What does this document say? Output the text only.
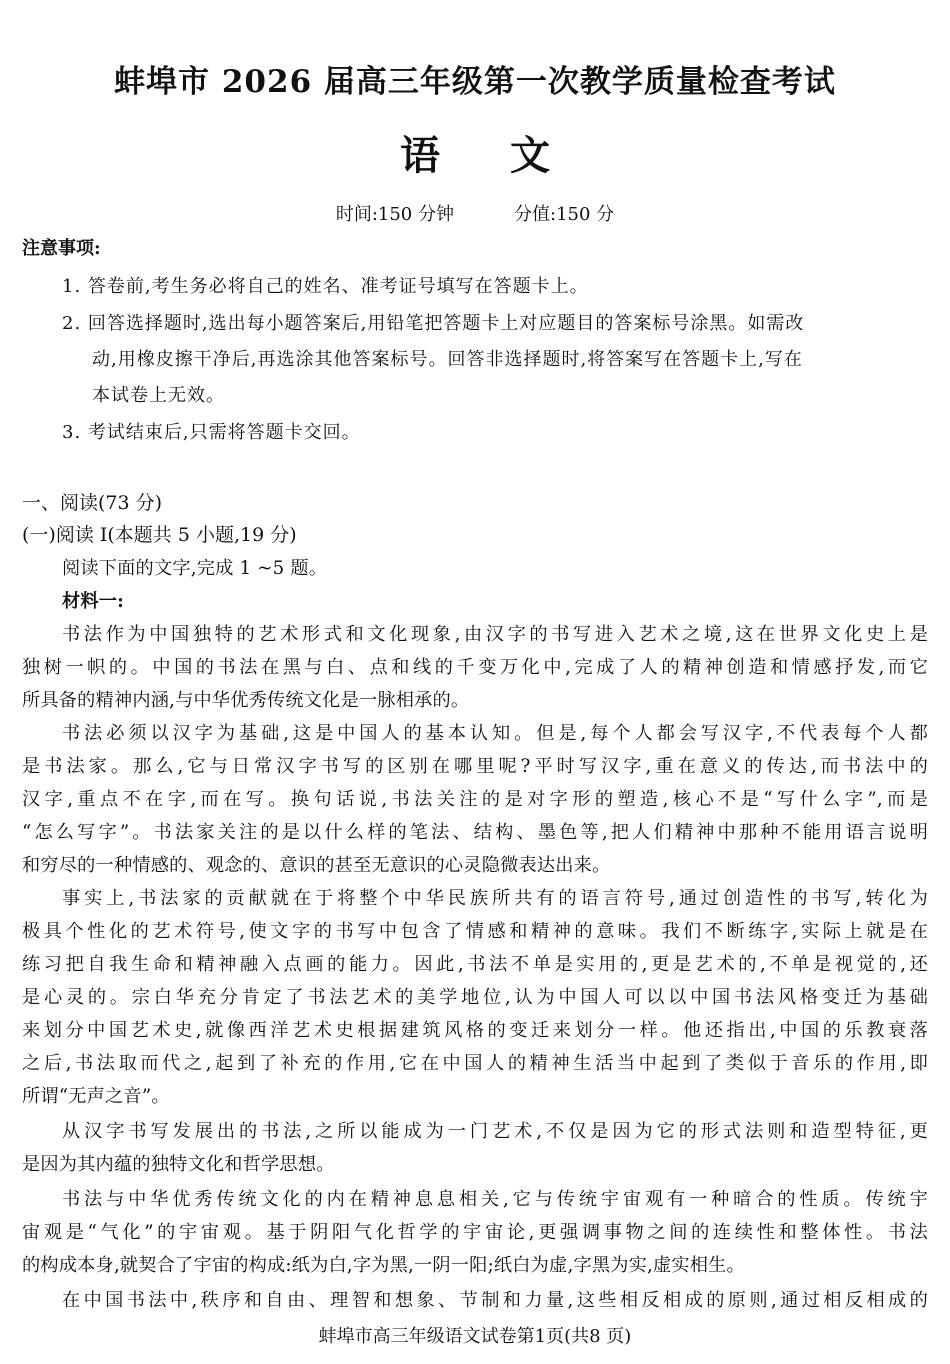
蚌埠市 2026 届高三年级第一次教学质量检查考试
语文
时间:150 分钟	分值:150 分
注意事项:
1. 答卷前,考生务必将自己的姓名、准考证号填写在答题卡上。
2. 回答选择题时,选出每小题答案后,用铅笔把答题卡上对应题目的答案标号涂黑。如需改
动,用橡皮擦干净后,再选涂其他答案标号。回答非选择题时,将答案写在答题卡上,写在
本试卷上无效。
3. 考试结束后,只需将答题卡交回。
一、阅读(73 分)
(一)阅读 I(本题共 5 小题,19 分)
阅读下面的文字,完成 1 ~5 题。
材料一:
书法作为中国独特的艺术形式和文化现象,由汉字的书写进入艺术之境,这在世界文化史上是
独树一帜的。中国的书法在黑与白、点和线的千变万化中,完成了人的精神创造和情感抒发,而它
所具备的精神内涵,与中华优秀传统文化是一脉相承的。
书法必须以汉字为基础,这是中国人的基本认知。但是,每个人都会写汉字,不代表每个人都
是书法家。那么,它与日常汉字书写的区别在哪里呢?平时写汉字,重在意义的传达,而书法中的
汉字,重点不在字,而在写。换句话说,书法关注的是对字形的塑造,核心不是“写什么字”,而是
“怎么写字”。书法家关注的是以什么样的笔法、结构、墨色等,把人们精神中那种不能用语言说明
和穷尽的一种情感的、观念的、意识的甚至无意识的心灵隐微表达出来。
事实上,书法家的贡献就在于将整个中华民族所共有的语言符号,通过创造性的书写,转化为
极具个性化的艺术符号,使文字的书写中包含了情感和精神的意味。我们不断练字,实际上就是在
练习把自我生命和精神融入点画的能力。因此,书法不单是实用的,更是艺术的,不单是视觉的,还
是心灵的。宗白华充分肯定了书法艺术的美学地位,认为中国人可以以中国书法风格变迁为基础
来划分中国艺术史,就像西洋艺术史根据建筑风格的变迁来划分一样。他还指出,中国的乐教衰落
之后,书法取而代之,起到了补充的作用,它在中国人的精神生活当中起到了类似于音乐的作用,即
所谓“无声之音”。
从汉字书写发展出的书法,之所以能成为一门艺术,不仅是因为它的形式法则和造型特征,更
是因为其内蕴的独特文化和哲学思想。
书法与中华优秀传统文化的内在精神息息相关,它与传统宇宙观有一种暗合的性质。传统宇
宙观是“气化”的宇宙观。基于阴阳气化哲学的宇宙论,更强调事物之间的连续性和整体性。书法
的构成本身,就契合了宇宙的构成:纸为白,字为黑,一阴一阳;纸白为虚,字黑为实,虚实相生。
在中国书法中,秩序和自由、理智和想象、节制和力量,这些相反相成的原则,通过相反相成的
蚌埠市高三年级语文试卷第1页(共8 页)
